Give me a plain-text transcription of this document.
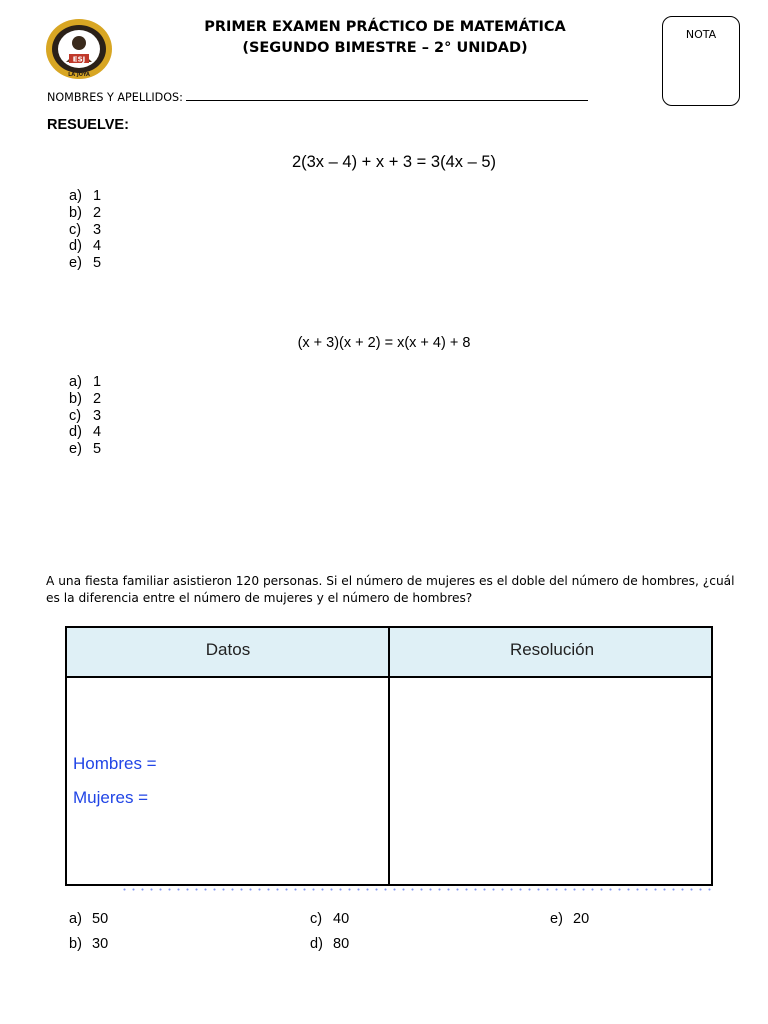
ESJ
LA JOYA
PRIMER EXAMEN PRÁCTICO DE MATEMÁTICA
(SEGUNDO BIMESTRE – 2° UNIDAD)
NOTA
NOMBRES Y APELLIDOS:
RESUELVE:
2(3x – 4) + x + 3 = 3(4x – 5)
a) 1
b) 2
c) 3
d) 4
e) 5
(x + 3)(x + 2) = x(x + 4) + 8
a) 1
b) 2
c) 3
d) 4
e) 5
A una fiesta familiar asistieron 120 personas. Si el número de mujeres es el doble del número de hombres, ¿cuál es la diferencia entre el número de mujeres y el número de hombres?
Datos	Resolución
Hombres =
Mujeres =
a) 50
b) 30
c) 40
d) 80
e) 20
